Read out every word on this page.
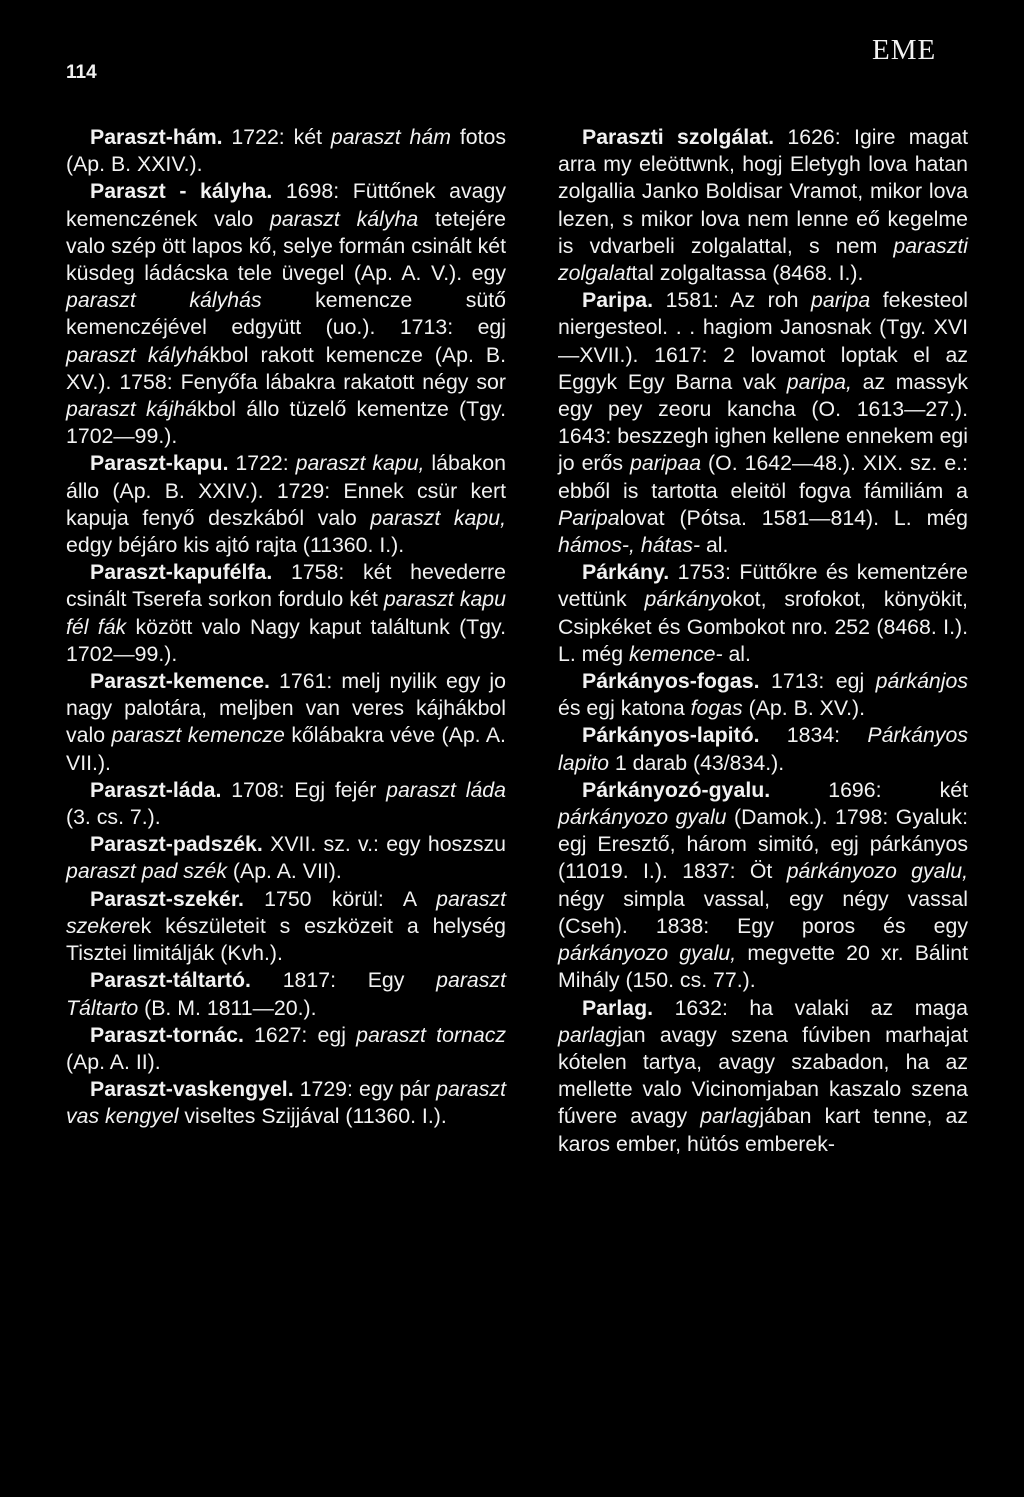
114
EME

Paraszt-hám. 1722: két paraszt hám fotos (Ap. B. XXIV.).

Paraszt - kályha. 1698: Füttőnek avagy kemenczének valo paraszt kályha tetejére valo szép ött lapos kő, selye formán csinált két küsdeg ládácska tele üvegel (Ap. A. V.). egy paraszt kályhás kemencze sütő kemenczéjével edgyütt (uo.). 1713: egj paraszt kályhákbol rakott kemencze (Ap. B. XV.). 1758: Fenyőfa lábakra rakatott négy sor paraszt kájhákbol állo tüzelő kementze (Tgy. 1702—99.).

Paraszt-kapu. 1722: paraszt kapu, lábakon állo (Ap. B. XXIV.). 1729: Ennek csür kert kapuja fenyő deszkából valo paraszt kapu, edgy béjáro kis ajtó rajta (11360. I.).

Paraszt-kapufélfa. 1758: két hevederre csinált Tserefa sorkon fordulo két paraszt kapu fél fák között valo Nagy kaput találtunk (Tgy. 1702—99.).

Paraszt-kemence. 1761: melj nyilik egy jo nagy palotára, meljben van veres kájhákbol valo paraszt kemencze kőlábakra véve (Ap. A. VII.).

Paraszt-láda. 1708: Egj fejér paraszt láda (3. cs. 7.).

Paraszt-padszék. XVII. sz. v.: egy hoszszu paraszt pad szék (Ap. A. VII).

Paraszt-szekér. 1750 körül: A paraszt szekerek készületeit s eszközeit a helység Tisztei limitálják (Kvh.).

Paraszt-táltartó. 1817: Egy paraszt Táltarto (B. M. 1811—20.).

Paraszt-tornác. 1627: egj paraszt tornacz (Ap. A. II).

Paraszt-vaskengyel. 1729: egy pár paraszt vas kengyel viseltes Szijjával (11360. I.).

Paraszti szolgálat. 1626: Igire magat arra my eleöttwnk, hogj Eletygh lova hatan zolgallia Janko Boldisar Vramot, mikor lova lezen, s mikor lova nem lenne eő kegelme is vdvarbeli zolgalattal, s nem paraszti zolgalattal zolgaltassa (8468. I.).

Paripa. 1581: Az roh paripa fekesteol niergesteol. . . hagiom Janosnak (Tgy. XVI—XVII.). 1617: 2 lovamot loptak el az Eggyk Egy Barna vak paripa, az massyk egy pey zeoru kancha (O. 1613—27.). 1643: beszzegh ighen kellene ennekem egi jo erős paripaa (O. 1642—48.). XIX. sz. e.: ebből is tartotta eleitöl fogva fámiliám a Paripalovat (Pótsa. 1581—814). L. még hámos-, hátas- al.

Párkány. 1753: Füttőkre és kementzére vettünk párkányokot, srofokot, könyökit, Csipkéket és Gombokot nro. 252 (8468. I.). L. még kemence- al.

Párkányos-fogas. 1713: egj párkánjos és egj katona fogas (Ap. B. XV.).

Párkányos-lapitó. 1834: Párkányos lapito 1 darab (43/834.).

Párkányozó-gyalu. 1696: két párkányozo gyalu (Damok.). 1798: Gyaluk: egj Eresztő, három simitó, egj párkányos (11019. I.). 1837: Öt párkányozo gyalu, négy simpla vassal, egy négy vassal (Cseh). 1838: Egy poros és egy párkányozo gyalu, megvette 20 xr. Bálint Mihály (150. cs. 77.).

Parlag. 1632: ha valaki az maga parlagjan avagy szena fúviben marhajat kótelen tartya, avagy szabadon, ha az mellette valo Vicinomjaban kaszalo szena fúvere avagy parlagjában kart tenne, az karos ember, hütós emberek-
